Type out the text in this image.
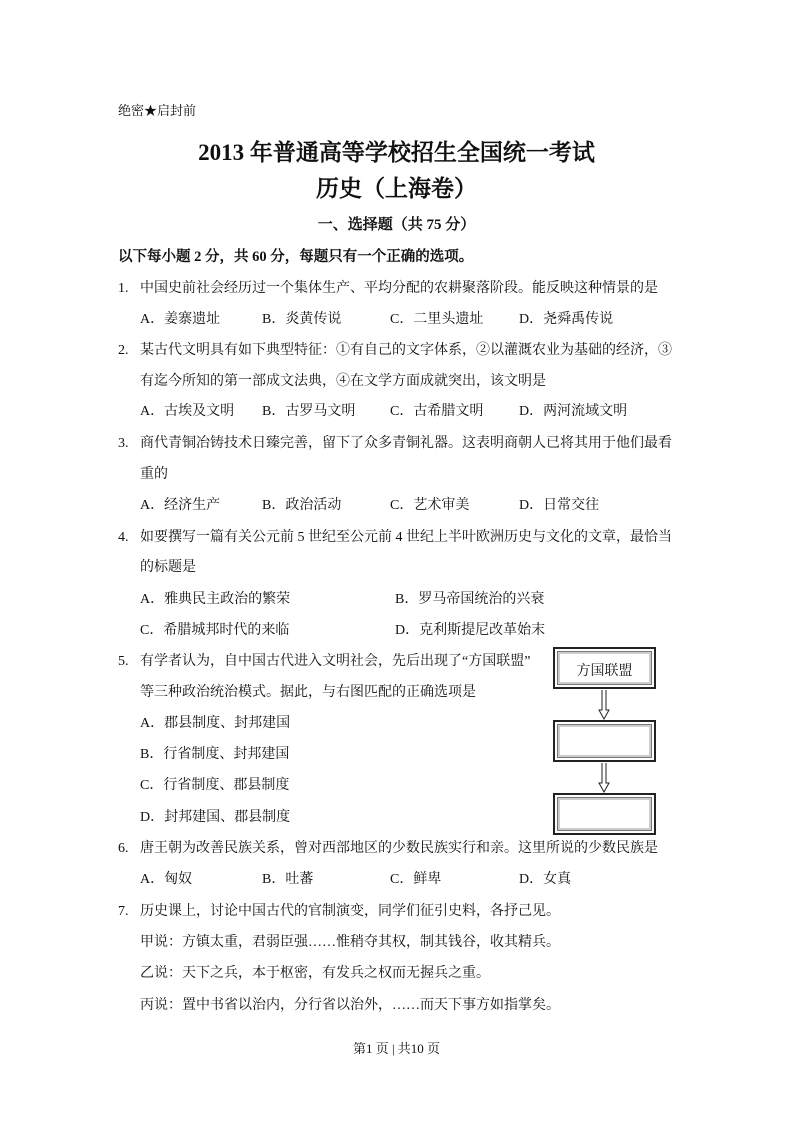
绝密★启封前
2013 年普通高等学校招生全国统一考试
历史（上海卷）
一、选择题（共 75 分）
以下每小题 2 分，共 60 分，每题只有一个正确的选项。
1. 中国史前社会经历过一个集体生产、平均分配的农耕聚落阶段。能反映这种情景的是
A．姜寨遗址	B．炎黄传说	C．二里头遗址	D．尧舜禹传说
2. 某古代文明具有如下典型特征：①有自己的文字体系，②以灌溉农业为基础的经济，③
有迄今所知的第一部成文法典，④在文学方面成就突出，该文明是
A．古埃及文明 B．古罗马文明 C．古希腊文明	D．两河流域文明
3. 商代青铜冶铸技术日臻完善，留下了众多青铜礼器。这表明商朝人已将其用于他们最看
重的
A．经济生产	B．政治活动	C．艺术审美	D．日常交往
4. 如要撰写一篇有关公元前 5 世纪至公元前 4 世纪上半叶欧洲历史与文化的文章，最恰当
的标题是
A．雅典民主政治的繁荣	B．罗马帝国统治的兴衰
C．希腊城邦时代的来临	D．克利斯提尼改革始末
5. 有学者认为，自中国古代进入文明社会，先后出现了“方国联盟”
等三种政治统治模式。据此，与右图匹配的正确选项是
A．郡县制度、封邦建国
B．行省制度、封邦建国
C．行省制度、郡县制度
D．封邦建国、郡县制度
方国联盟
6. 唐王朝为改善民族关系，曾对西部地区的少数民族实行和亲。这里所说的少数民族是
A．匈奴	B．吐蕃	C．鲜卑	D．女真
7. 历史课上，讨论中国古代的官制演变，同学们征引史料，各抒己见。
甲说：方镇太重，君弱臣强……惟稍夺其权，制其钱谷，收其精兵。
乙说：天下之兵，本于枢密，有发兵之权而无握兵之重。
丙说：置中书省以治内，分行省以治外，……而天下事方如指掌矣。
第1 页 | 共10 页
